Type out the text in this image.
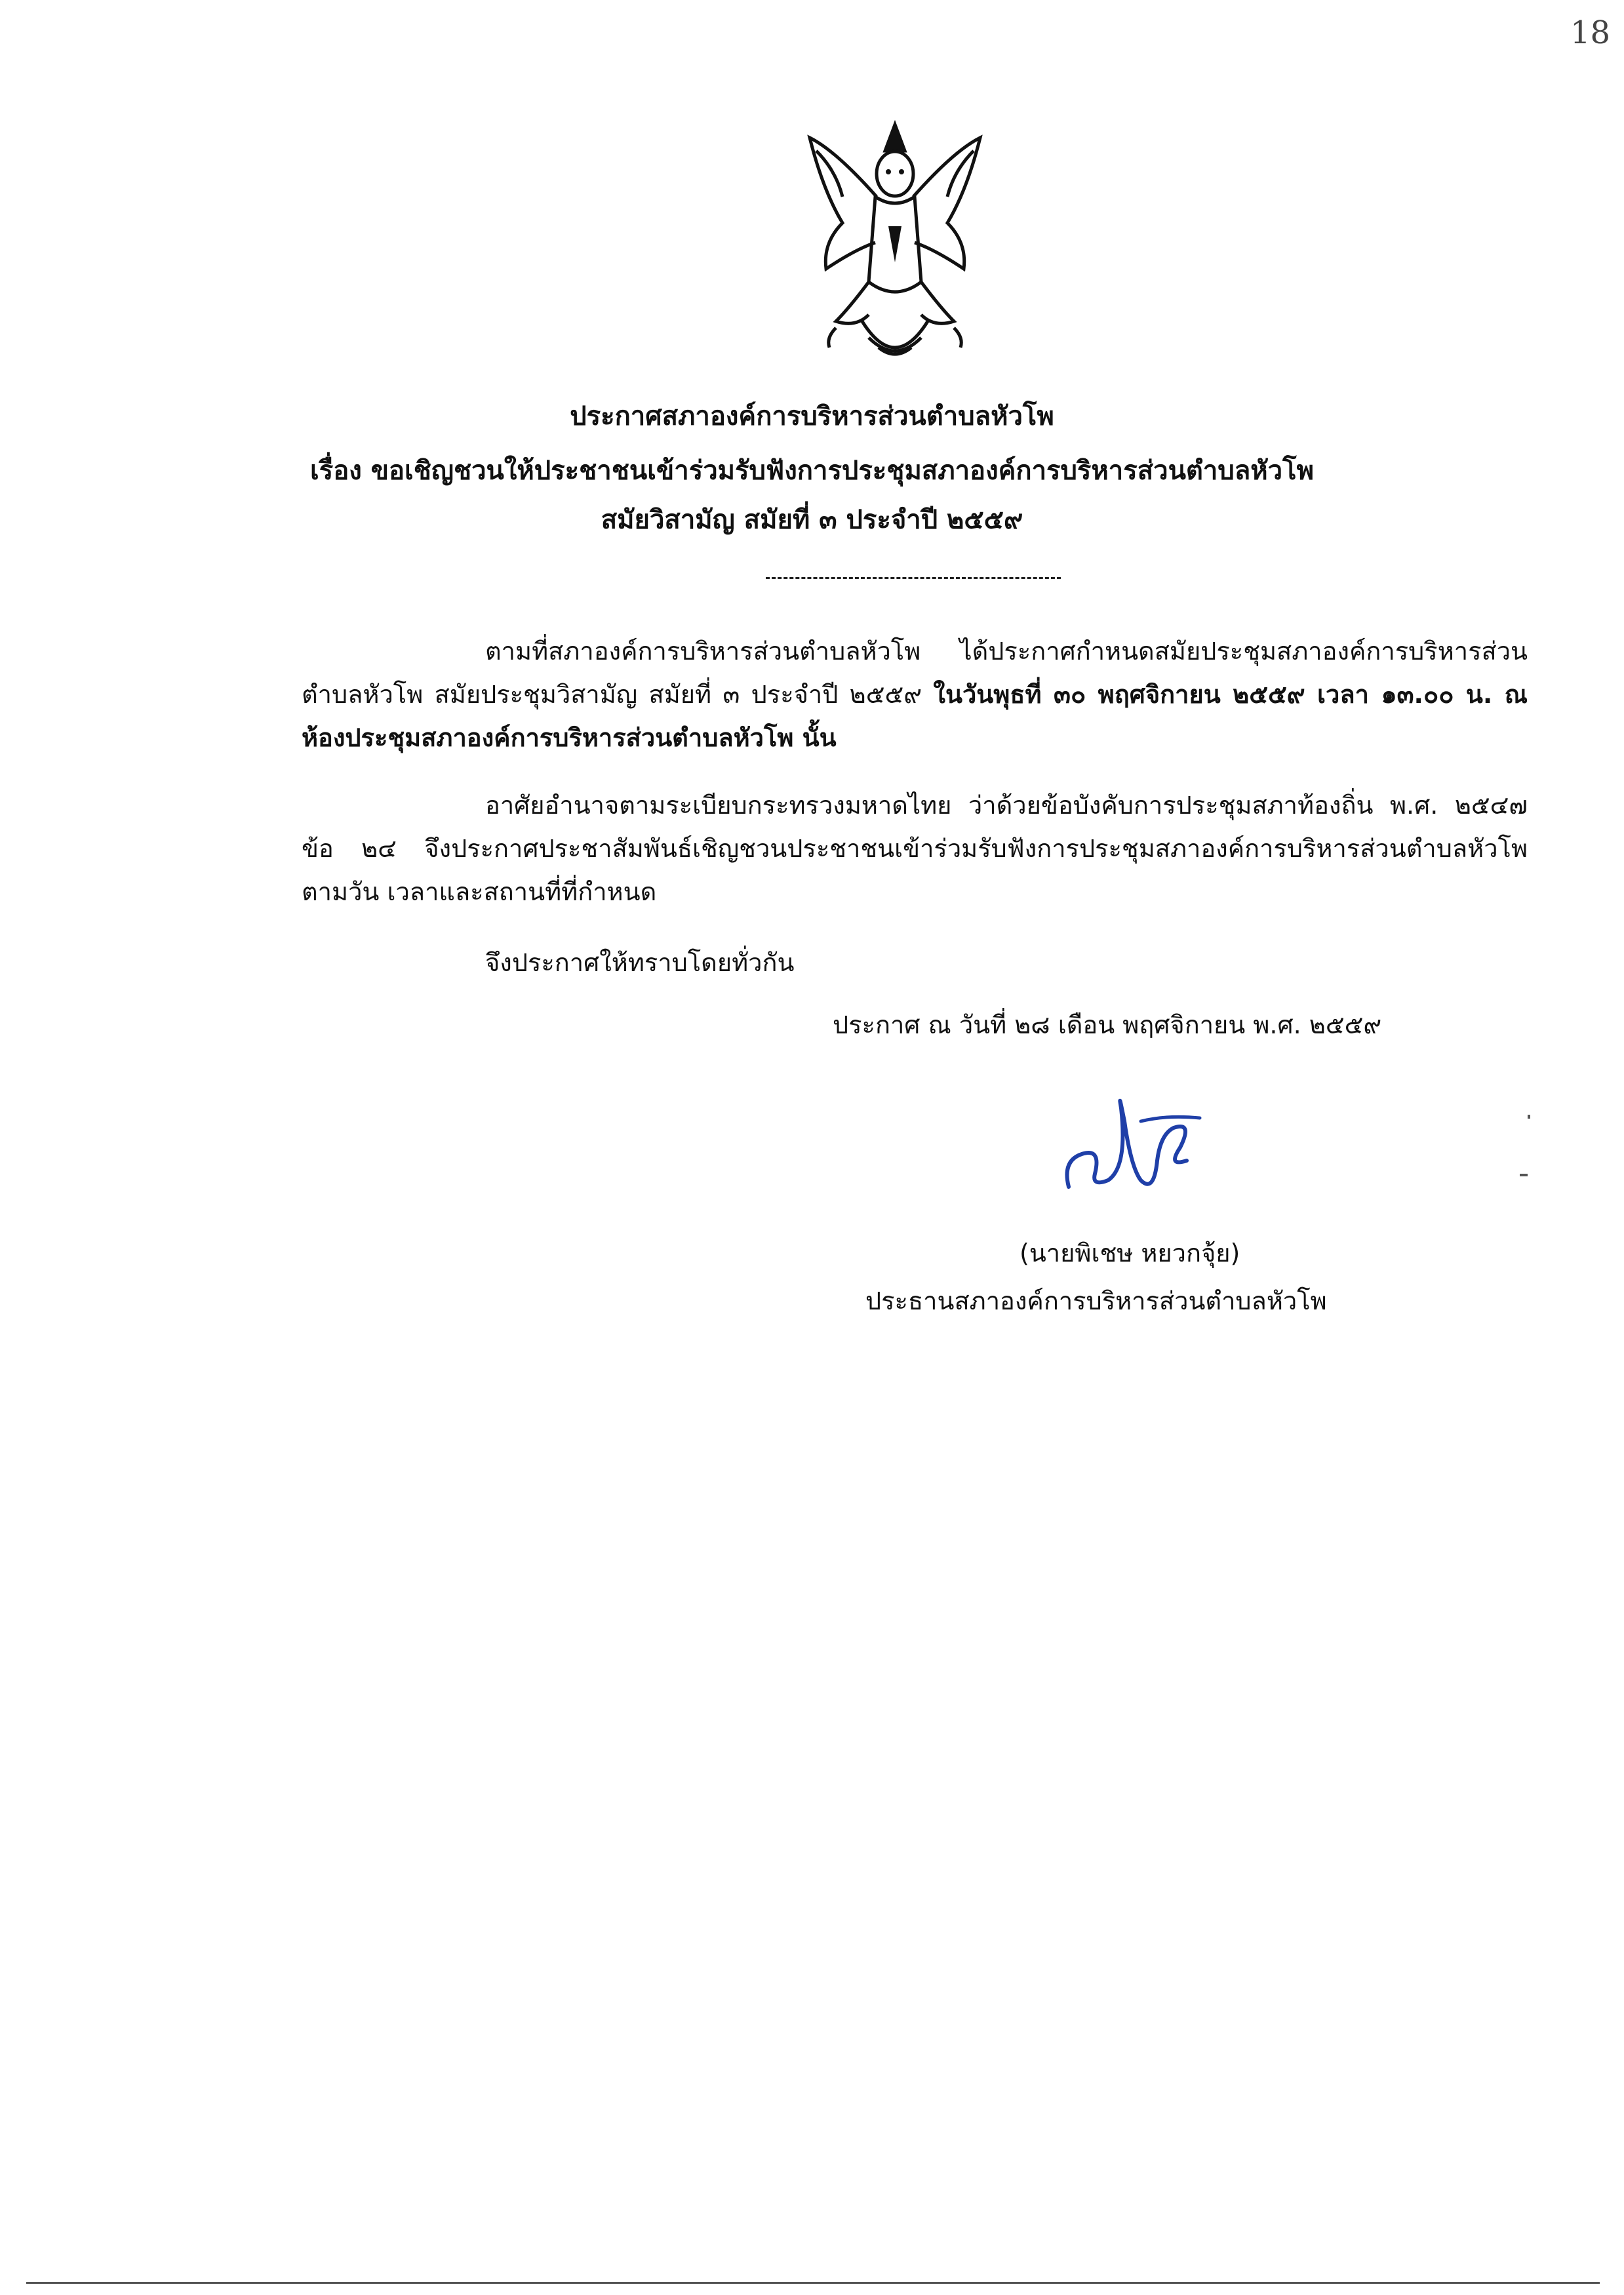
18
ประกาศสภาองค์การบริหารส่วนตำบลหัวโพ
เรื่อง ขอเชิญชวนให้ประชาชนเข้าร่วมรับฟังการประชุมสภาองค์การบริหารส่วนตำบลหัวโพ
สมัยวิสามัญ สมัยที่ ๓ ประจำปี ๒๕๕๙
ตามที่สภาองค์การบริหารส่วนตำบลหัวโพ ได้ประกาศกำหนดสมัยประชุมสภาองค์การบริหารส่วนตำบลหัวโพ สมัยประชุมวิสามัญ สมัยที่ ๓ ประจำปี ๒๕๕๙ ในวันพุธที่ ๓๐ พฤศจิกายน ๒๕๕๙ เวลา ๑๓.๐๐ น. ณ ห้องประชุมสภาองค์การบริหารส่วนตำบลหัวโพ นั้น
อาศัยอำนาจตามระเบียบกระทรวงมหาดไทย ว่าด้วยข้อบังคับการประชุมสภาท้องถิ่น พ.ศ. ๒๕๔๗ ข้อ ๒๔ จึงประกาศประชาสัมพันธ์เชิญชวนประชาชนเข้าร่วมรับฟังการประชุมสภาองค์การบริหารส่วนตำบลหัวโพ ตามวัน เวลาและสถานที่ที่กำหนด
จึงประกาศให้ทราบโดยทั่วกัน
ประกาศ ณ วันที่ ๒๘ เดือน พฤศจิกายน พ.ศ. ๒๕๕๙
(นายพิเชษ หยวกจุ้ย)
ประธานสภาองค์การบริหารส่วนตำบลหัวโพ
